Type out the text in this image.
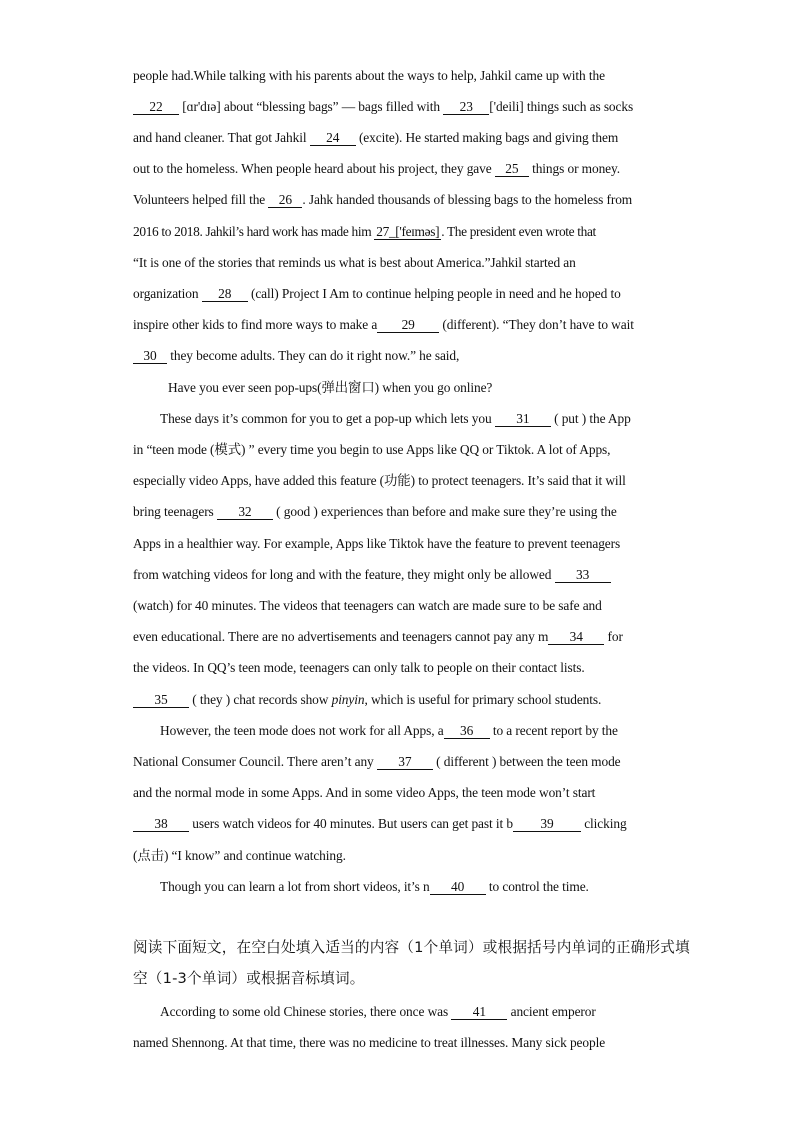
people had.While talking with his parents about the ways to help, Jahkil came up with the
22 [ɑr'dɪə] about “blessing bags” — bags filled with 23 ['deili] things such as socks
and hand cleaner. That got Jahkil 24 (excite). He started making bags and giving them
out to the homeless. When people heard about his project, they gave 25 things or money.
Volunteers helped fill the 26 . Jahk handed thousands of blessing bags to the homeless from
2016 to 2018. Jahkil’s hard work has made him 27_['feɪməs] . The president even wrote that
“It is one of the stories that reminds us what is best about America.”Jahkil started an
organization 28 (call) Project I Am to continue helping people in need and he hoped to
inspire other kids to find more ways to make a 29 (different). “They don’t have to wait
30 they become adults. They can do it right now.” he said,
Have you ever seen pop-ups(弹出窗口) when you go online?
These days it’s common for you to get a pop-up which lets you 31 ( put ) the App
in “teen mode (模式) ” every time you begin to use Apps like QQ or Tiktok. A lot of Apps,
especially video Apps, have added this feature (功能) to protect teenagers. It’s said that it will
bring teenagers 32 ( good ) experiences than before and make sure they’re using the
Apps in a healthier way. For example, Apps like Tiktok have the feature to prevent teenagers
from watching videos for long and with the feature, they might only be allowed 33
(watch) for 40 minutes. The videos that teenagers can watch are made sure to be safe and
even educational. There are no advertisements and teenagers cannot pay any m 34 for
the videos. In QQ’s teen mode, teenagers can only talk to people on their contact lists.
35 ( they ) chat records show pinyin, which is useful for primary school students.
However, the teen mode does not work for all Apps, a 36 to a recent report by the
National Consumer Council. There aren’t any 37 ( different ) between the teen mode
and the normal mode in some Apps. And in some video Apps, the teen mode won’t start
38 users watch videos for 40 minutes. But users can get past it b 39 clicking
(点击) “I know” and continue watching.
Though you can learn a lot from short videos, it’s n 40 to control the time.
阅读下面短文，在空白处填入适当的内容（1个单词）或根据括号内单词的正确形式填
空（1-3个单词）或根据音标填词。
According to some old Chinese stories, there once was 41 ancient emperor
named Shennong. At that time, there was no medicine to treat illnesses. Many sick people
